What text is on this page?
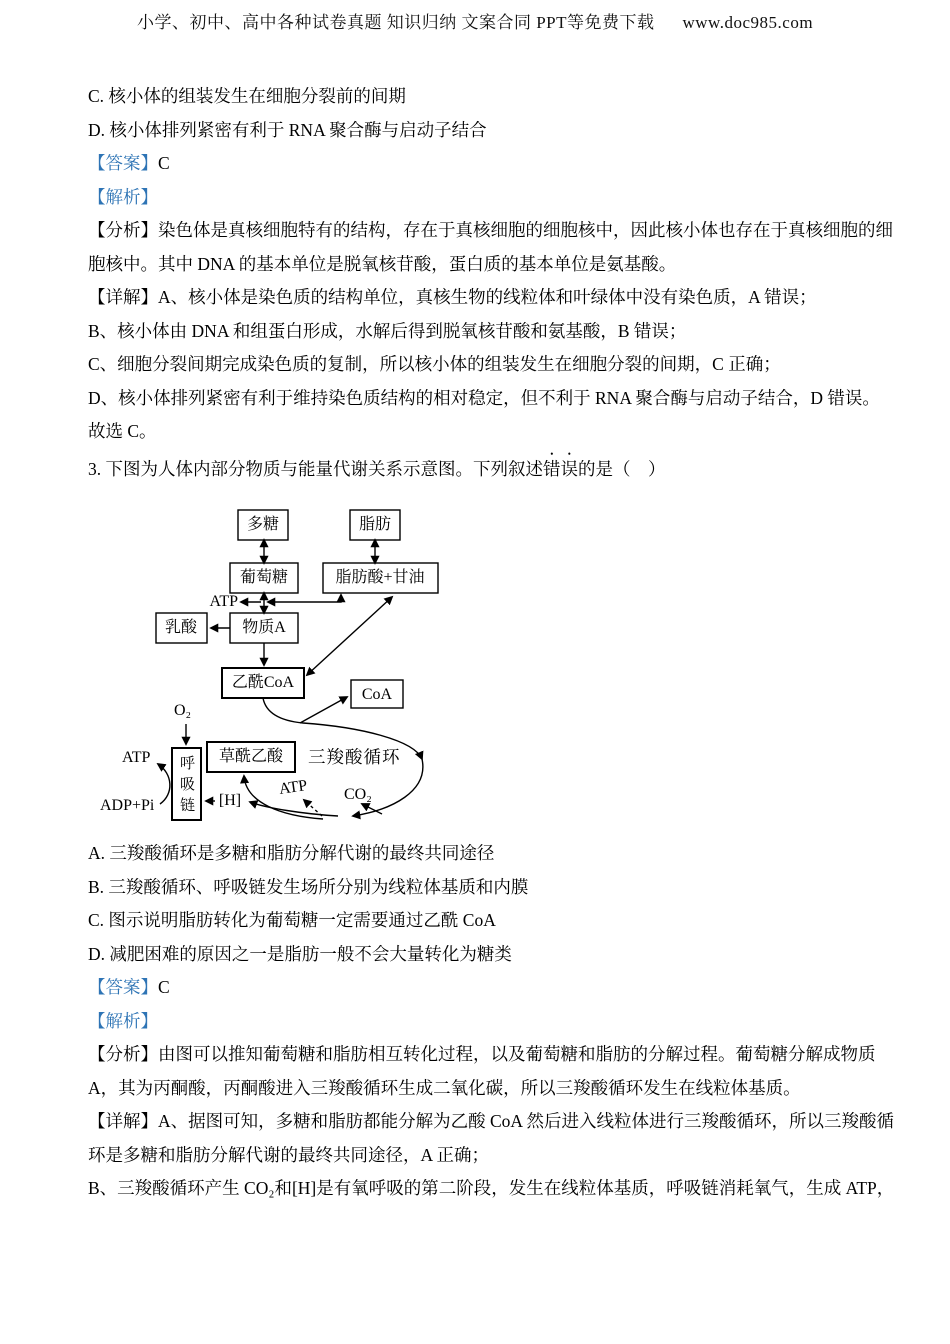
小学、初中、高中各种试卷真题 知识归纳 文案合同 PPT等免费下载 www.doc985.com
C. 核小体的组装发生在细胞分裂前的间期
D. 核小体排列紧密有利于 RNA 聚合酶与启动子结合
【答案】C
【解析】
【分析】染色体是真核细胞特有的结构，存在于真核细胞的细胞核中，因此核小体也存在于真核细胞的细
胞核中。其中 DNA 的基本单位是脱氧核苷酸，蛋白质的基本单位是氨基酸。
【详解】A、核小体是染色质的结构单位，真核生物的线粒体和叶绿体中没有染色质，A 错误；
B、核小体由 DNA 和组蛋白形成，水解后得到脱氧核苷酸和氨基酸，B 错误；
C、细胞分裂间期完成染色质的复制，所以核小体的组装发生在细胞分裂的间期，C 正确；
D、核小体排列紧密有利于维持染色质结构的相对稳定，但不利于 RNA 聚合酶与启动子结合，D 错误。
故选 C。
3. 下图为人体内部分物质与能量代谢关系示意图。下列叙述错误的是（　）
多糖	脂肪
葡萄糖	脂肪酸+甘油
乳酸	物质A
乙酰CoA
CoA
草酰乙酸
呼吸链
ATP
O₂
ATP
ADP+Pi	[H]
三羧酸循环
ATP CO₂
A. 三羧酸循环是多糖和脂肪分解代谢的最终共同途径
B. 三羧酸循环、呼吸链发生场所分别为线粒体基质和内膜
C. 图示说明脂肪转化为葡萄糖一定需要通过乙酰 CoA
D. 减肥困难的原因之一是脂肪一般不会大量转化为糖类
【答案】C
【解析】
【分析】由图可以推知葡萄糖和脂肪相互转化过程，以及葡萄糖和脂肪的分解过程。葡萄糖分解成物质
A，其为丙酮酸，丙酮酸进入三羧酸循环生成二氧化碳，所以三羧酸循环发生在线粒体基质。
【详解】A、据图可知，多糖和脂肪都能分解为乙酸 CoA 然后进入线粒体进行三羧酸循环，所以三羧酸循
环是多糖和脂肪分解代谢的最终共同途径，A 正确；
B、三羧酸循环产生 CO₂和[H]是有氧呼吸的第二阶段，发生在线粒体基质，呼吸链消耗氧气，生成 ATP，
